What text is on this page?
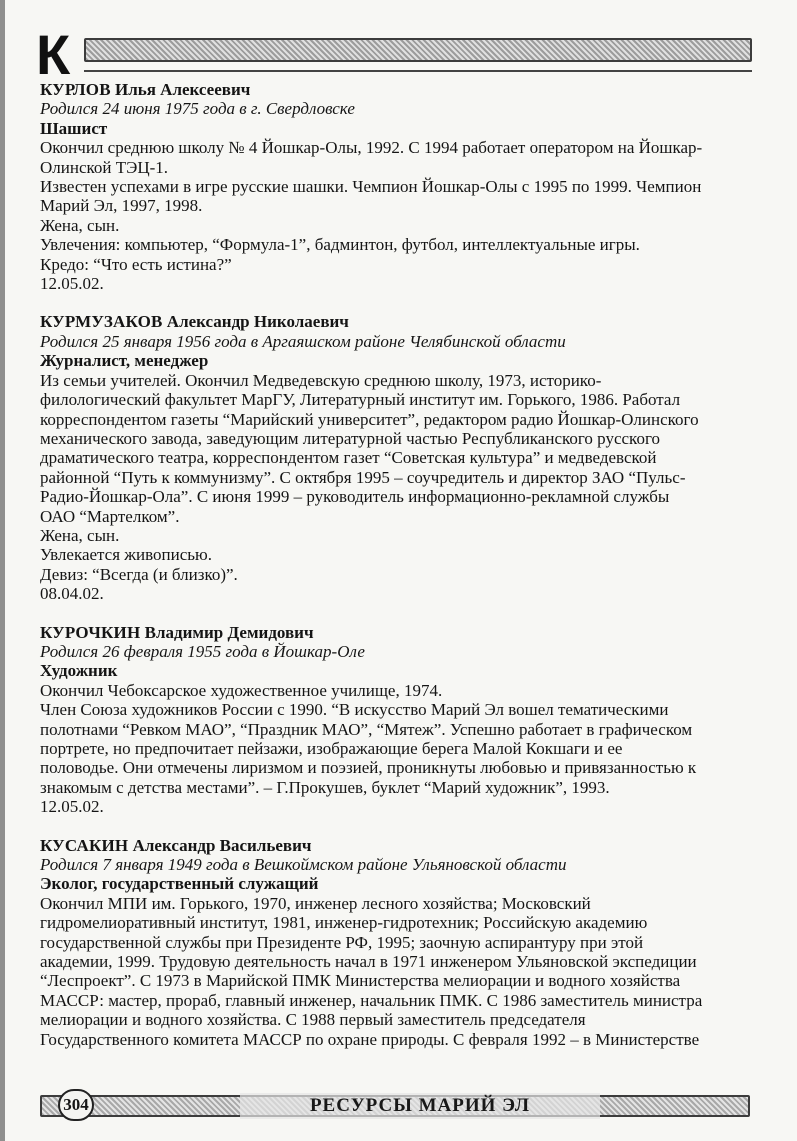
К
КУРЛОВ Илья Алексеевич
Родился 24 июня 1975 года в г. Свердловске
Шашист
Окончил среднюю школу № 4 Йошкар-Олы, 1992. С 1994 работает оператором на Йошкар-
Олинской ТЭЦ-1.
Известен успехами в игре русские шашки. Чемпион Йошкар-Олы с 1995 по 1999. Чемпион
Марий Эл, 1997, 1998.
Жена, сын.
Увлечения: компьютер, “Формула-1”, бадминтон, футбол, интеллектуальные игры.
Кредо: “Что есть истина?”
12.05.02.
КУРМУЗАКОВ Александр Николаевич
Родился 25 января 1956 года в Аргаяшском районе Челябинской области
Журналист, менеджер
Из семьи учителей. Окончил Медведевскую среднюю школу, 1973, историко-
филологический факультет МарГУ, Литературный институт им. Горького, 1986. Работал
корреспондентом газеты “Марийский университет”, редактором радио Йошкар-Олинского
механического завода, заведующим литературной частью Республиканского русского
драматического театра, корреспондентом газет “Советская культура” и медведевской
районной “Путь к коммунизму”. С октября 1995 – соучредитель и директор ЗАО “Пульс-
Радио-Йошкар-Ола”. С июня 1999 – руководитель информационно-рекламной службы
ОАО “Мартелком”.
Жена, сын.
Увлекается живописью.
Девиз: “Всегда (и близко)”.
08.04.02.
КУРОЧКИН Владимир Демидович
Родился 26 февраля 1955 года в Йошкар-Оле
Художник
Окончил Чебоксарское художественное училище, 1974.
Член Союза художников России с 1990. “В искусство Марий Эл вошел тематическими
полотнами “Ревком МАО”, “Праздник МАО”, “Мятеж”. Успешно работает в графическом
портрете, но предпочитает пейзажи, изображающие берега Малой Кокшаги и ее
половодье. Они отмечены лиризмом и поэзией, проникнуты любовью и привязанностью к
знакомым с детства местами”. – Г.Прокушев, буклет “Марий художник”, 1993.
12.05.02.
КУСАКИН Александр Васильевич
Родился 7 января 1949 года в Вешкоймском районе Ульяновской области
Эколог, государственный служащий
Окончил МПИ им. Горького, 1970, инженер лесного хозяйства; Московский
гидромелиоративный институт, 1981, инженер-гидротехник; Российскую академию
государственной службы при Президенте РФ, 1995; заочную аспирантуру при этой
академии, 1999. Трудовую деятельность начал в 1971 инженером Ульяновской экспедиции
“Леспроект”. С 1973 в Марийской ПМК Министерства мелиорации и водного хозяйства
МАССР: мастер, прораб, главный инженер, начальник ПМК. С 1986 заместитель министра
мелиорации и водного хозяйства. С 1988 первый заместитель председателя
Государственного комитета МАССР по охране природы. С февраля 1992 – в Министерстве
304	РЕСУРСЫ МАРИЙ ЭЛ
